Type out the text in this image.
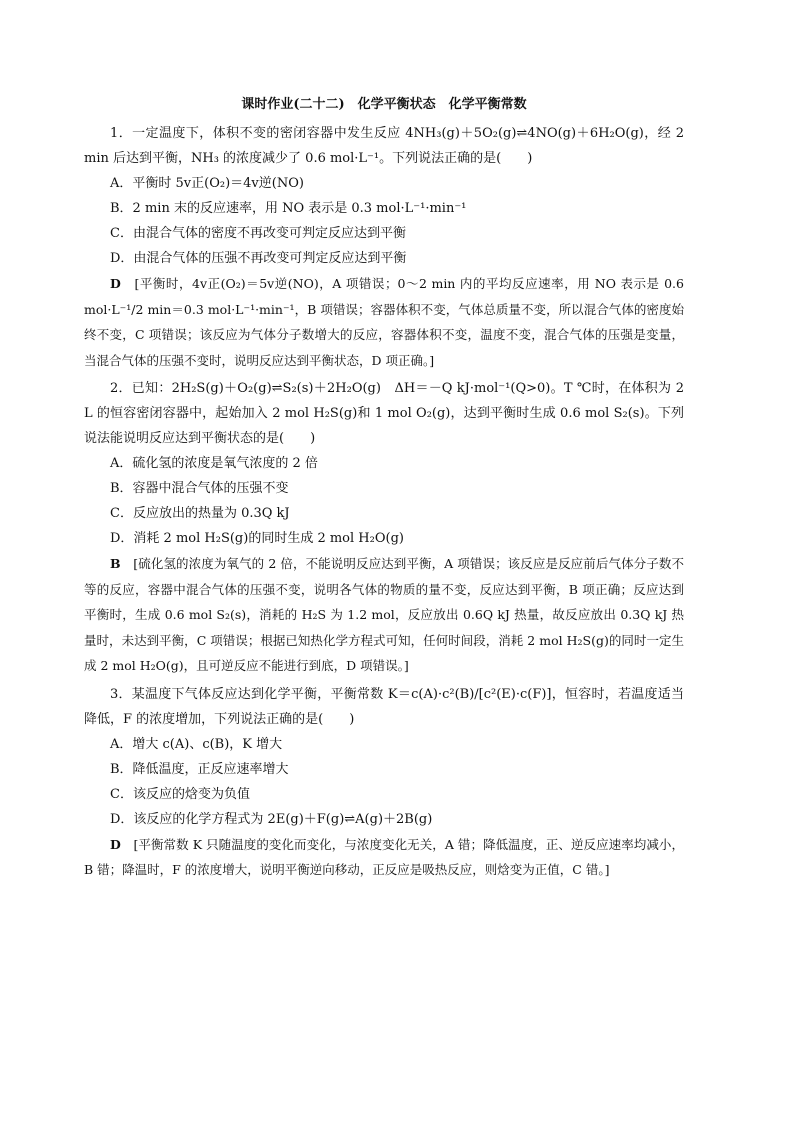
课时作业(二十二)　化学平衡状态　化学平衡常数
1．一定温度下，体积不变的密闭容器中发生反应 4NH₃(g)＋5O₂(g)⇌4NO(g)＋6H₂O(g)，经 2 min 后达到平衡，NH₃ 的浓度减少了 0.6 mol·L⁻¹。下列说法正确的是(　　)
A．平衡时 5v正(O₂)＝4v逆(NO)
B．2 min 末的反应速率，用 NO 表示是 0.3 mol·L⁻¹·min⁻¹
C．由混合气体的密度不再改变可判定反应达到平衡
D．由混合气体的压强不再改变可判定反应达到平衡
D　 [平衡时，4v正(O₂)＝5v逆(NO)，A 项错误；0～2 min 内的平均反应速率，用 NO 表示是 0.6 mol·L⁻¹/2 min＝0.3 mol·L⁻¹·min⁻¹，B 项错误；容器体积不变，气体总质量不变，所以混合气体的密度始终不变，C 项错误；该反应为气体分子数增大的反应，容器体积不变，温度不变，混合气体的压强是变量，当混合气体的压强不变时，说明反应达到平衡状态，D 项正确。]
2．已知：2H₂S(g)＋O₂(g)⇌S₂(s)＋2H₂O(g)　ΔH＝－Q kJ·mol⁻¹(Q>0)。T ℃时，在体积为 2 L 的恒容密闭容器中，起始加入 2 mol H₂S(g)和 1 mol O₂(g)，达到平衡时生成 0.6 mol S₂(s)。下列说法能说明反应达到平衡状态的是(　　)
A．硫化氢的浓度是氧气浓度的 2 倍
B．容器中混合气体的压强不变
C．反应放出的热量为 0.3Q kJ
D．消耗 2 mol H₂S(g)的同时生成 2 mol H₂O(g)
B　 [硫化氢的浓度为氧气的 2 倍，不能说明反应达到平衡，A 项错误；该反应是反应前后气体分子数不等的反应，容器中混合气体的压强不变，说明各气体的物质的量不变，反应达到平衡，B 项正确；反应达到平衡时，生成 0.6 mol S₂(s)，消耗的 H₂S 为 1.2 mol，反应放出 0.6Q kJ 热量，故反应放出 0.3Q kJ 热量时，未达到平衡，C 项错误；根据已知热化学方程式可知，任何时间段，消耗 2 mol H₂S(g)的同时一定生成 2 mol H₂O(g)，且可逆反应不能进行到底，D 项错误。]
3．某温度下气体反应达到化学平衡，平衡常数 K＝c(A)·c²(B)/[c²(E)·c(F)]，恒容时，若温度适当降低，F 的浓度增加，下列说法正确的是(　　)
A．增大 c(A)、c(B)，K 增大
B．降低温度，正反应速率增大
C．该反应的焓变为负值
D．该反应的化学方程式为 2E(g)＋F(g)⇌A(g)＋2B(g)
D　 [平衡常数 K 只随温度的变化而变化，与浓度变化无关，A 错；降低温度，正、逆反应速率均减小，B 错；降温时，F 的浓度增大，说明平衡逆向移动，正反应是吸热反应，则焓变为正值，C 错。]
